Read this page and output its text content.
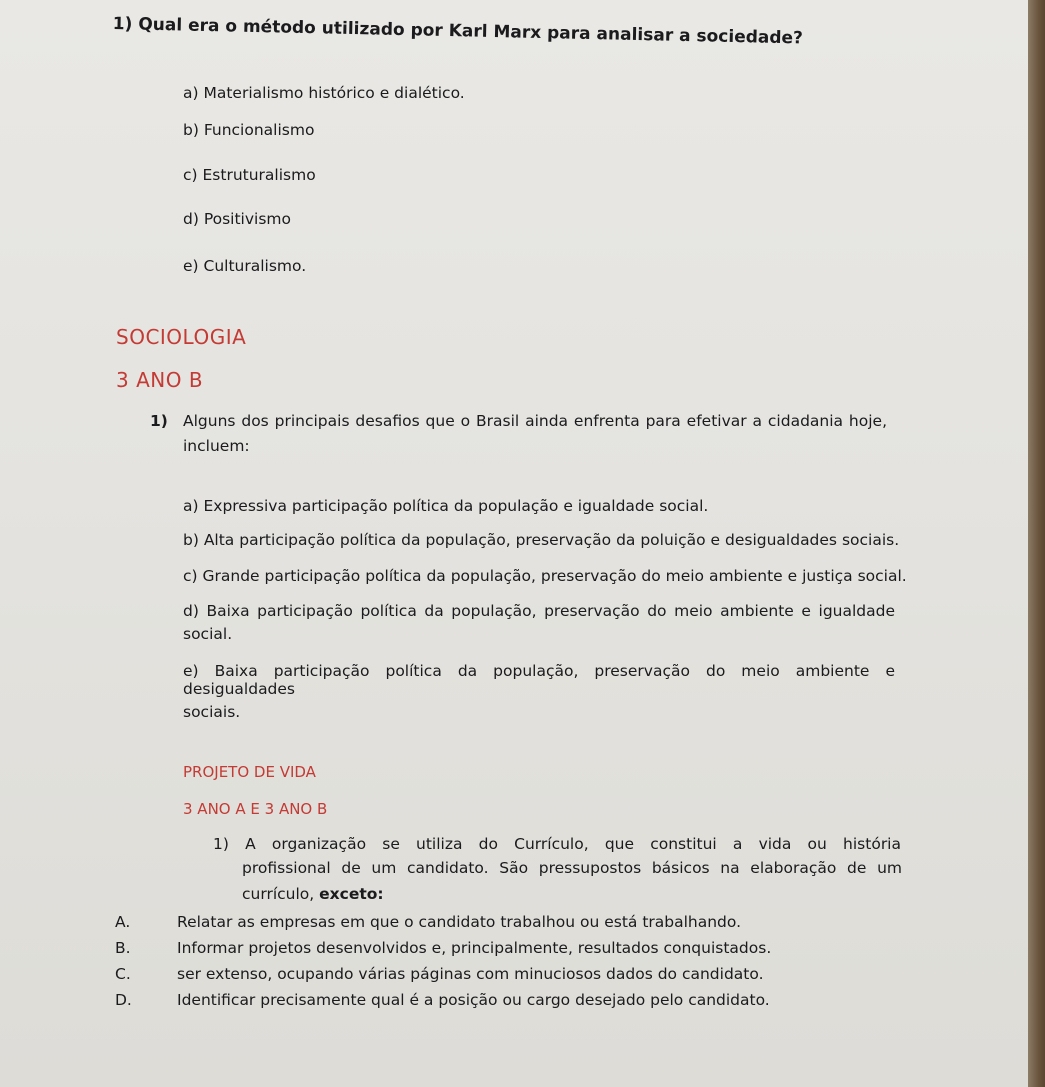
1) Qual era o método utilizado por Karl Marx para analisar a sociedade?
a) Materialismo histórico e dialético.
b) Funcionalismo
c) Estruturalismo
d) Positivismo
e) Culturalismo.
SOCIOLOGIA
3 ANO B
1) Alguns dos principais desafios que o Brasil ainda enfrenta para efetivar a cidadania hoje,
incluem:
a) Expressiva participação política da população e igualdade social.
b) Alta participação política da população, preservação da poluição e desigualdades sociais.
c) Grande participação política da população, preservação do meio ambiente e justiça social.
d) Baixa participação política da população, preservação do meio ambiente e igualdade
social.
e) Baixa participação política da população, preservação do meio ambiente e desigualdades
sociais.
PROJETO DE VIDA
3 ANO A E 3 ANO B
1) A organização se utiliza do Currículo, que constitui a vida ou história
profissional de um candidato. São pressupostos básicos na elaboração de um
currículo, exceto:
A.	Relatar as empresas em que o candidato trabalhou ou está trabalhando.
B.	Informar projetos desenvolvidos e, principalmente, resultados conquistados.
C.	ser extenso, ocupando várias páginas com minuciosos dados do candidato.
D.	Identificar precisamente qual é a posição ou cargo desejado pelo candidato.
